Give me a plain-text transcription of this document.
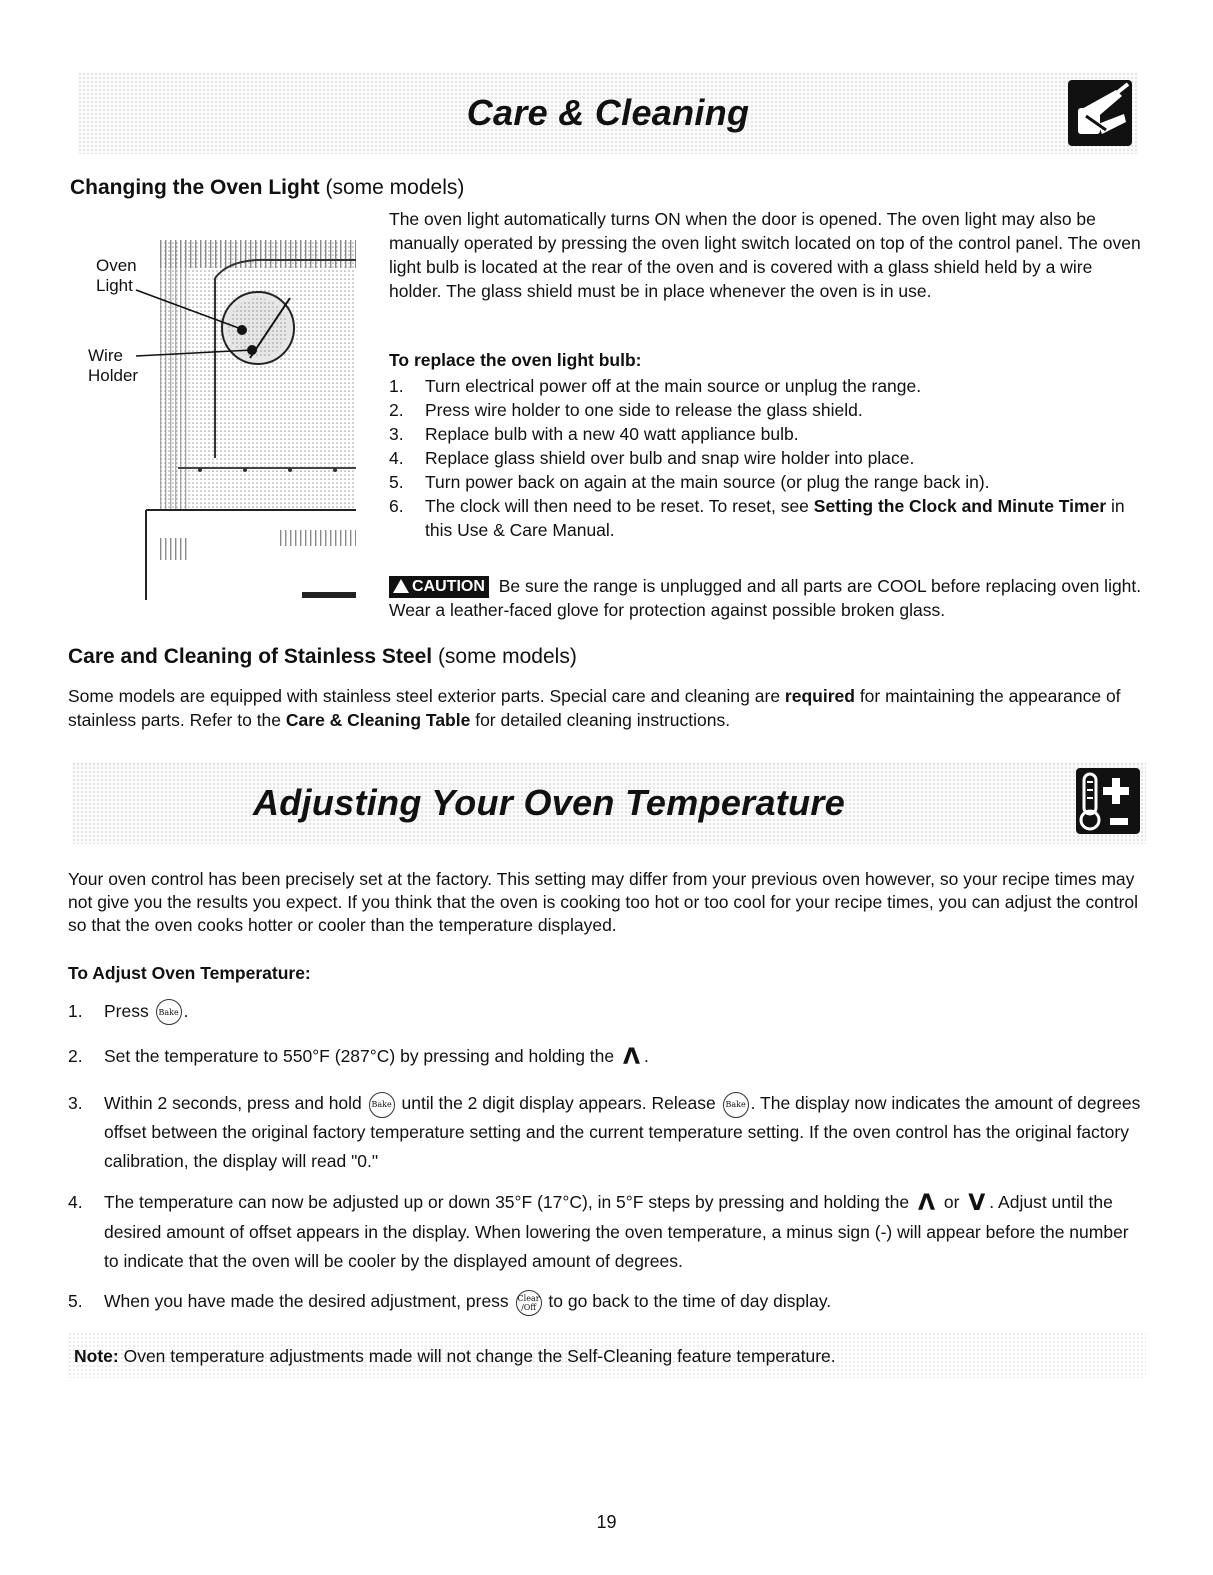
Care & Cleaning
Changing the Oven Light (some models)
Oven
Light
Wire
Holder
The oven light automatically turns ON when the door is opened. The oven light may also be manually operated by pressing the oven light switch located on top of the control panel. The oven light bulb is located at the rear of the oven and is covered with a glass shield held by a wire holder. The glass shield must be in place whenever the oven is in use.
To replace the oven light bulb:
1. Turn electrical power off at the main source or unplug the range.
2. Press wire holder to one side to release the glass shield.
3. Replace bulb with a new 40 watt appliance bulb.
4. Replace glass shield over bulb and snap wire holder into place.
5. Turn power back on again at the main source (or plug the range back in).
6. The clock will then need to be reset. To reset, see Setting the Clock and Minute Timer in this Use & Care Manual.
CAUTION Be sure the range is unplugged and all parts are COOL before replacing oven light. Wear a leather-faced glove for protection against possible broken glass.
Care and Cleaning of Stainless Steel (some models)
Some models are equipped with stainless steel exterior parts. Special care and cleaning are required for maintaining the appearance of stainless parts. Refer to the Care & Cleaning Table for detailed cleaning instructions.
Adjusting Your Oven Temperature
Your oven control has been precisely set at the factory. This setting may differ from your previous oven however, so your recipe times may not give you the results you expect. If you think that the oven is cooking too hot or too cool for your recipe times, you can adjust the control so that the oven cooks hotter or cooler than the temperature displayed.
To Adjust Oven Temperature:
1. Press Bake .
2. Set the temperature to 550°F (287°C) by pressing and holding the Λ .
3. Within 2 seconds, press and hold Bake until the 2 digit display appears. Release Bake . The display now indicates the amount of degrees offset between the original factory temperature setting and the current temperature setting. If the oven control has the original factory calibration, the display will read "0."
4. The temperature can now be adjusted up or down 35°F (17°C), in 5°F steps by pressing and holding the Λ or V . Adjust until the desired amount of offset appears in the display. When lowering the oven temperature, a minus sign (-) will appear before the number to indicate that the oven will be cooler by the displayed amount of degrees.
5. When you have made the desired adjustment, press Clear
/Off to go back to the time of day display.
Note: Oven temperature adjustments made will not change the Self-Cleaning feature temperature.
19
